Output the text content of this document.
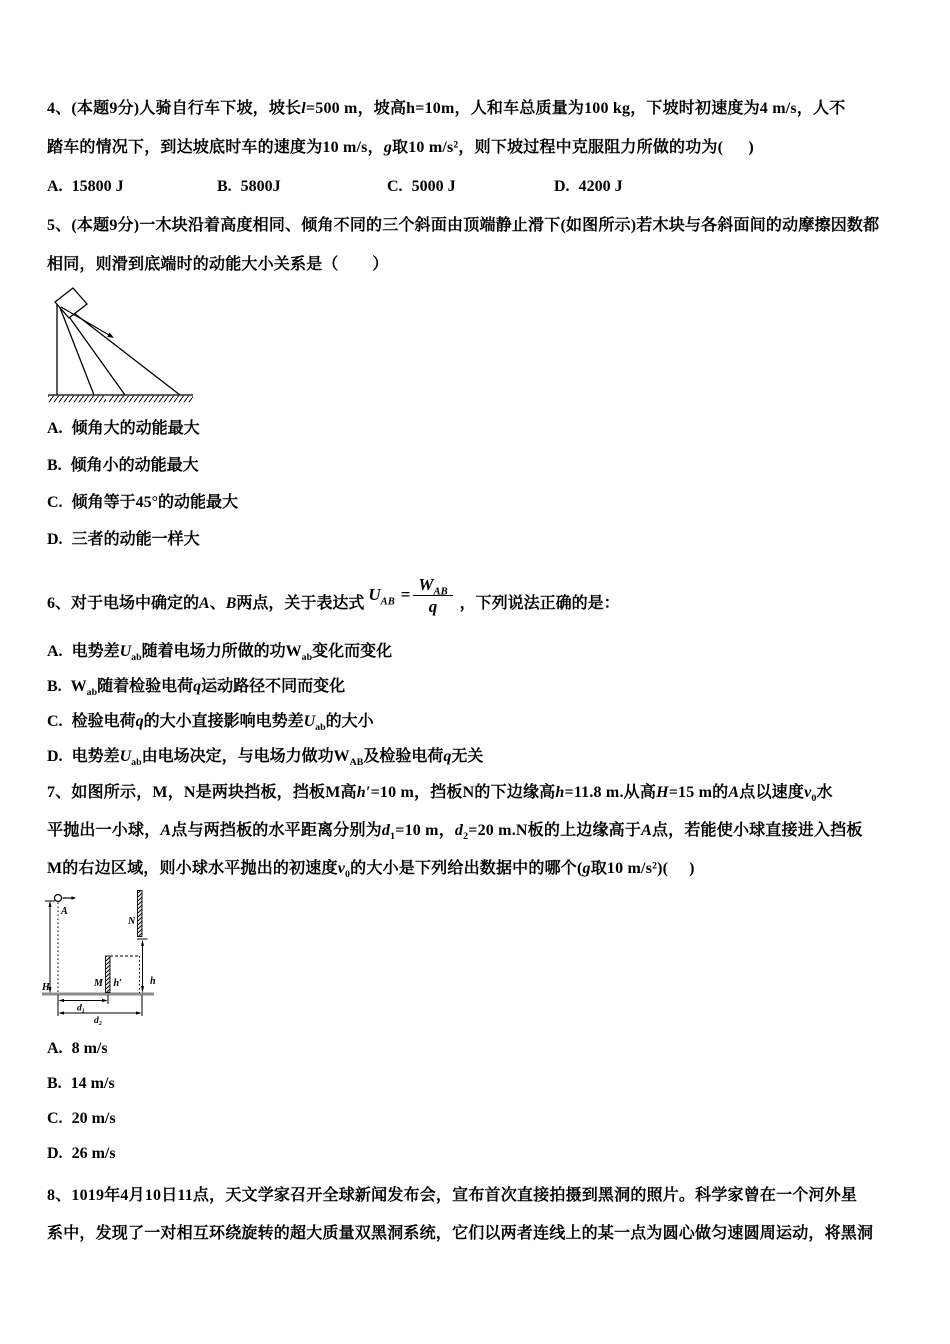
4、(本题9分)人骑自行车下坡，坡长l=500 m，坡高h=10m，人和车总质量为100 kg，下坡时初速度为4 m/s，人不
踏车的情况下，到达坡底时车的速度为10 m/s，g取10 m/s²，则下坡过程中克服阻力所做的功为(      )
A. 15800 J	B. 5800J	C. 5000 J	D. 4200 J
5、(本题9分)一木块沿着高度相同、倾角不同的三个斜面由顶端静止滑下(如图所示)若木块与各斜面间的动摩擦因数都
相同，则滑到底端时的动能大小关系是（        ）
A. 倾角大的动能最大
B. 倾角小的动能最大
C. 倾角等于45°的动能最大
D. 三者的动能一样大
6、对于电场中确定的A、B两点，关于表达式 $U_{AB} = \frac{W_{AB}}{q}$ ，下列说法正确的是：
A. 电势差$U_{ab}$随着电场力所做的功$W_{ab}$变化而变化
B. $W_{ab}$随着检验电荷q运动路径不同而变化
C. 检验电荷q的大小直接影响电势差$U_{ab}$的大小
D. 电势差$U_{ab}$由电场决定，与电场力做功$W_{AB}$及检验电荷q无关
7、如图所示，M，N是两块挡板，挡板M高h′=10 m，挡板N的下边缘高h=11.8 m.从高H=15 m的A点以速度$v_0$水
平抛出一小球，A点与两挡板的水平距离分别为$d_1=10$ m，$d_2=20$ m.N板的上边缘高于A点，若能使小球直接进入挡板
M的右边区域，则小球水平抛出的初速度$v_0$的大小是下列给出数据中的哪个(g取10 m/s²)(     )
H
A
M h′
N
h
d₁
d₂
A. 8 m/s
B. 14 m/s
C. 20 m/s
D. 26 m/s
8、1019年4月10日11点，天文学家召开全球新闻发布会，宣布首次直接拍摄到黑洞的照片。科学家曾在一个河外星
系中，发现了一对相互环绕旋转的超大质量双黑洞系统，它们以两者连线上的某一点为圆心做匀速圆周运动，将黑洞
